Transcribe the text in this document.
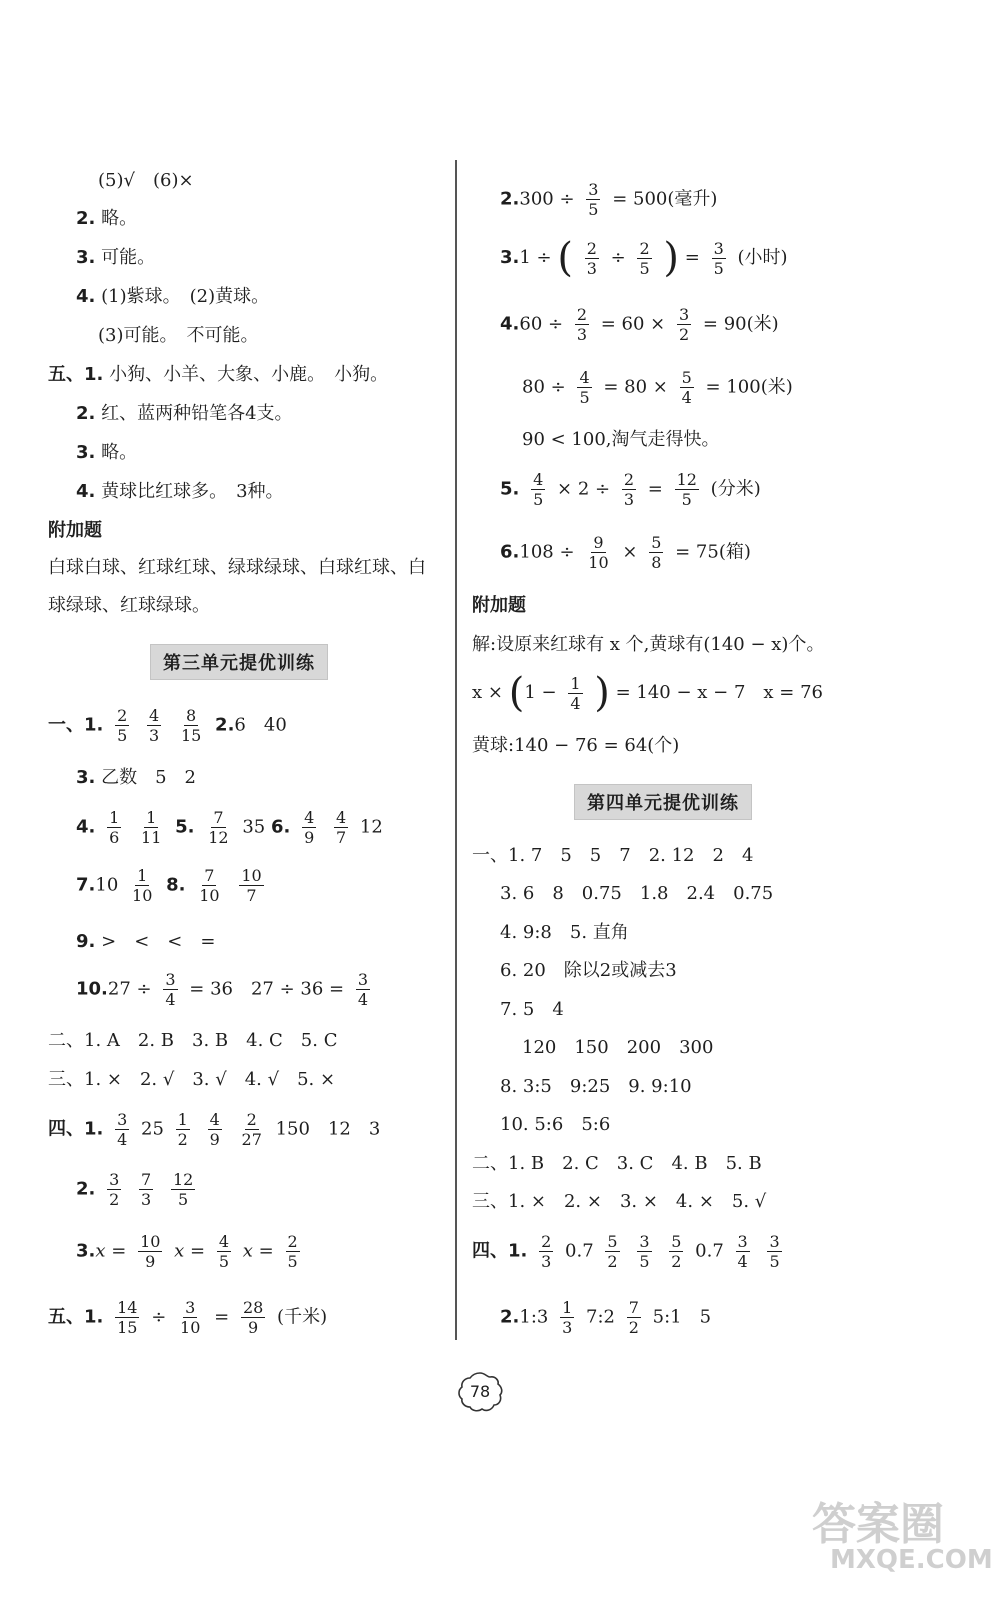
(5)√　(6)×
2. 略。
3. 可能。
4. (1)紫球。　(2)黄球。
(3)可能。　不可能。
五、1. 小狗、小羊、大象、小鹿。　小狗。
2. 红、蓝两种铅笔各4支。
3. 略。
4. 黄球比红球多。　3种。
附加题
白球白球、红球红球、绿球绿球、白球红球、白
球绿球、红球绿球。
第三单元提优训练
一、1. $\frac{2}{5}$
$\frac{4}{3}$
$\frac{8}{15} 2.6$　40
3. 乙数　5　2
4. $\frac{1}{6}$
$\frac{1}{11} 5$. $\frac{7}{12} 35$ 6. $\frac{4}{9}$
$\frac{4}{7} 12$
$7.10 \frac{1}{10} 8$. $\frac{7}{10}$
$\frac{10}{7}$
9. >　<　<　=
$10.27 \div \frac{3}{4} = 36$　$27 \div 36 = \frac{3}{4}$
二、1. A　2. B　3. B　4. C　5. C
三、1. ×　2. √　3. √　4. √　5. ×
四、1. $\frac{3}{4} 25 \frac{1}{2}$
$\frac{4}{9}$
$\frac{2}{27} 150$　12　3
2. $\frac{3}{2}$
$\frac{7}{3}$
$\frac{12}{5}$
$3.x = \frac{10}{9}$ $x = \frac{4}{5}$ $x = \frac{2}{5}$
五、1. $\frac{14}{15} \div \frac{3}{10} = \frac{28}{9}$ (千米)
$2.300 \div \frac{3}{5} = 500$(毫升)
3.1 ÷ ( $\frac{2}{3} \div \frac{2}{5}$ ) = $\frac{3}{5}$ (小时)
$4.60 \div \frac{2}{3} = 60 \times \frac{3}{2} = 90$(米)
$80 \div \frac{4}{5} = 80 \times \frac{5}{4} = 100$(米)
90 < 100,淘气走得快。
5. $\frac{4}{5} \times 2 \div \frac{2}{3} = \frac{12}{5}$ (分米)
$6.108 \div \frac{9}{10} \times \frac{5}{8} = 75$(箱)
附加题
解:设原来红球有 x 个,黄球有(140 − x)个。
$x \times (1 - \frac{1}{4}$ ) = 140 − x − 7　x = 76
黄球:140 − 76 = 64(个)
第四单元提优训练
一、1. 7　5　5　7　2. 12　2　4
3. 6　8　0.75　1.8　2.4　0.75
4. 9:8　5. 直角
6. 20　除以2或减去3
7. 5　4
120　150　200　300
8. 3:5　9:25　9. 9:10
10. 5:6　5:6
二、1. B　2. C　3. C　4. B　5. B
三、1. ×　2. ×　3. ×　4. ×　5. √
四、1. $\frac{2}{3} 0.7 \frac{5}{2}$
$\frac{3}{5}$
$\frac{5}{2} 0.7 \frac{3}{4}$
$\frac{3}{5}$
2.1:3 $\frac{1}{3}$ 7:2 $\frac{7}{2}$ 5:1　5
78
答案圈
MXQE.COM
